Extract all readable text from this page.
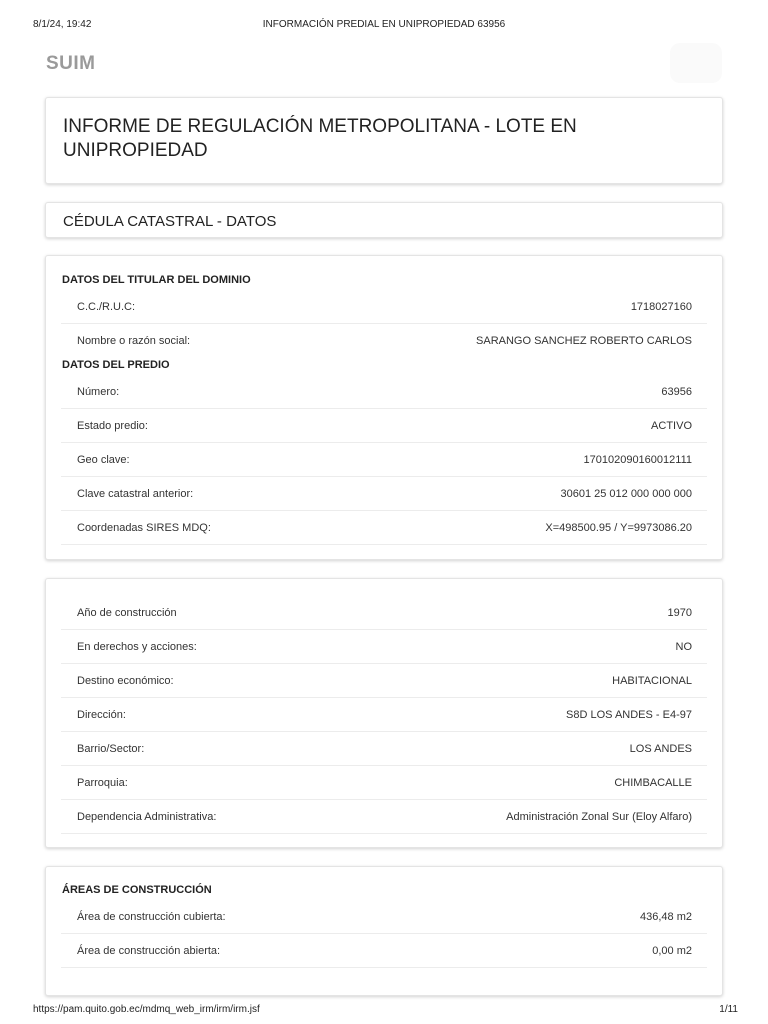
8/1/24, 19:42	INFORMACIÓN PREDIAL EN UNIPROPIEDAD 63956
SUIM
INFORME DE REGULACIÓN METROPOLITANA - LOTE EN UNIPROPIEDAD
CÉDULA CATASTRAL - DATOS
DATOS DEL TITULAR DEL DOMINIO
C.C./R.U.C:	1718027160
Nombre o razón social:	SARANGO SANCHEZ ROBERTO CARLOS
DATOS DEL PREDIO
Número:	63956
Estado predio:	ACTIVO
Geo clave:	170102090160012111
Clave catastral anterior:	30601 25 012 000 000 000
Coordenadas SIRES MDQ:	X=498500.95 / Y=9973086.20
Año de construcción	1970
En derechos y acciones:	NO
Destino económico:	HABITACIONAL
Dirección:	S8D LOS ANDES - E4-97
Barrio/Sector:	LOS ANDES
Parroquia:	CHIMBACALLE
Dependencia Administrativa:	Administración Zonal Sur (Eloy Alfaro)
ÁREAS DE CONSTRUCCIÓN
Área de construcción cubierta:	436,48 m2
Área de construcción abierta:	0,00 m2
https://pam.quito.gob.ec/mdmq_web_irm/irm/irm.jsf	1/11
